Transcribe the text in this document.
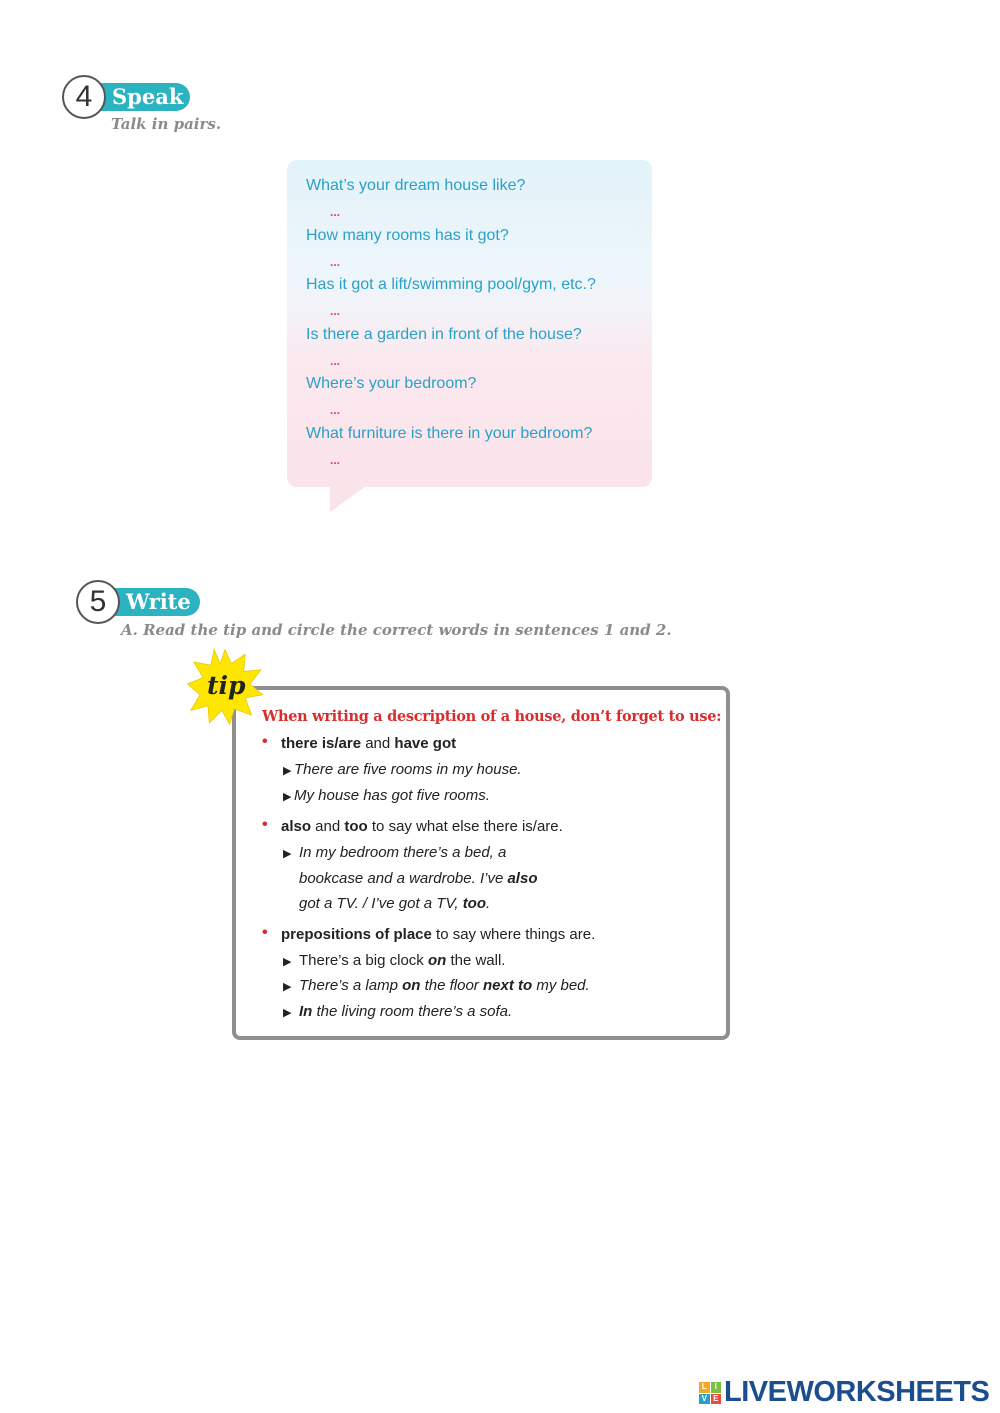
4 Speak
Talk in pairs.
What’s your dream house like?
...
How many rooms has it got?
...
Has it got a lift/swimming pool/gym, etc.?
...
Is there a garden in front of the house?
...
Where’s your bedroom?
...
What furniture is there in your bedroom?
...
5 Write
A. Read the tip and circle the correct words in sentences 1 and 2.
tip
When writing a description of a house, don’t forget to use:
• there is/are and have got
▶ There are five rooms in my house.
▶ My house has got five rooms.
• also and too to say what else there is/are.
▶ In my bedroom there’s a bed, a
bookcase and a wardrobe. I’ve also
got a TV. / I’ve got a TV, too.
• prepositions of place to say where things are.
▶ There’s a big clock on the wall.
▶ There’s a lamp on the floor next to my bed.
▶ In the living room there’s a sofa.
L I
V E LIVEWORKSHEETS
